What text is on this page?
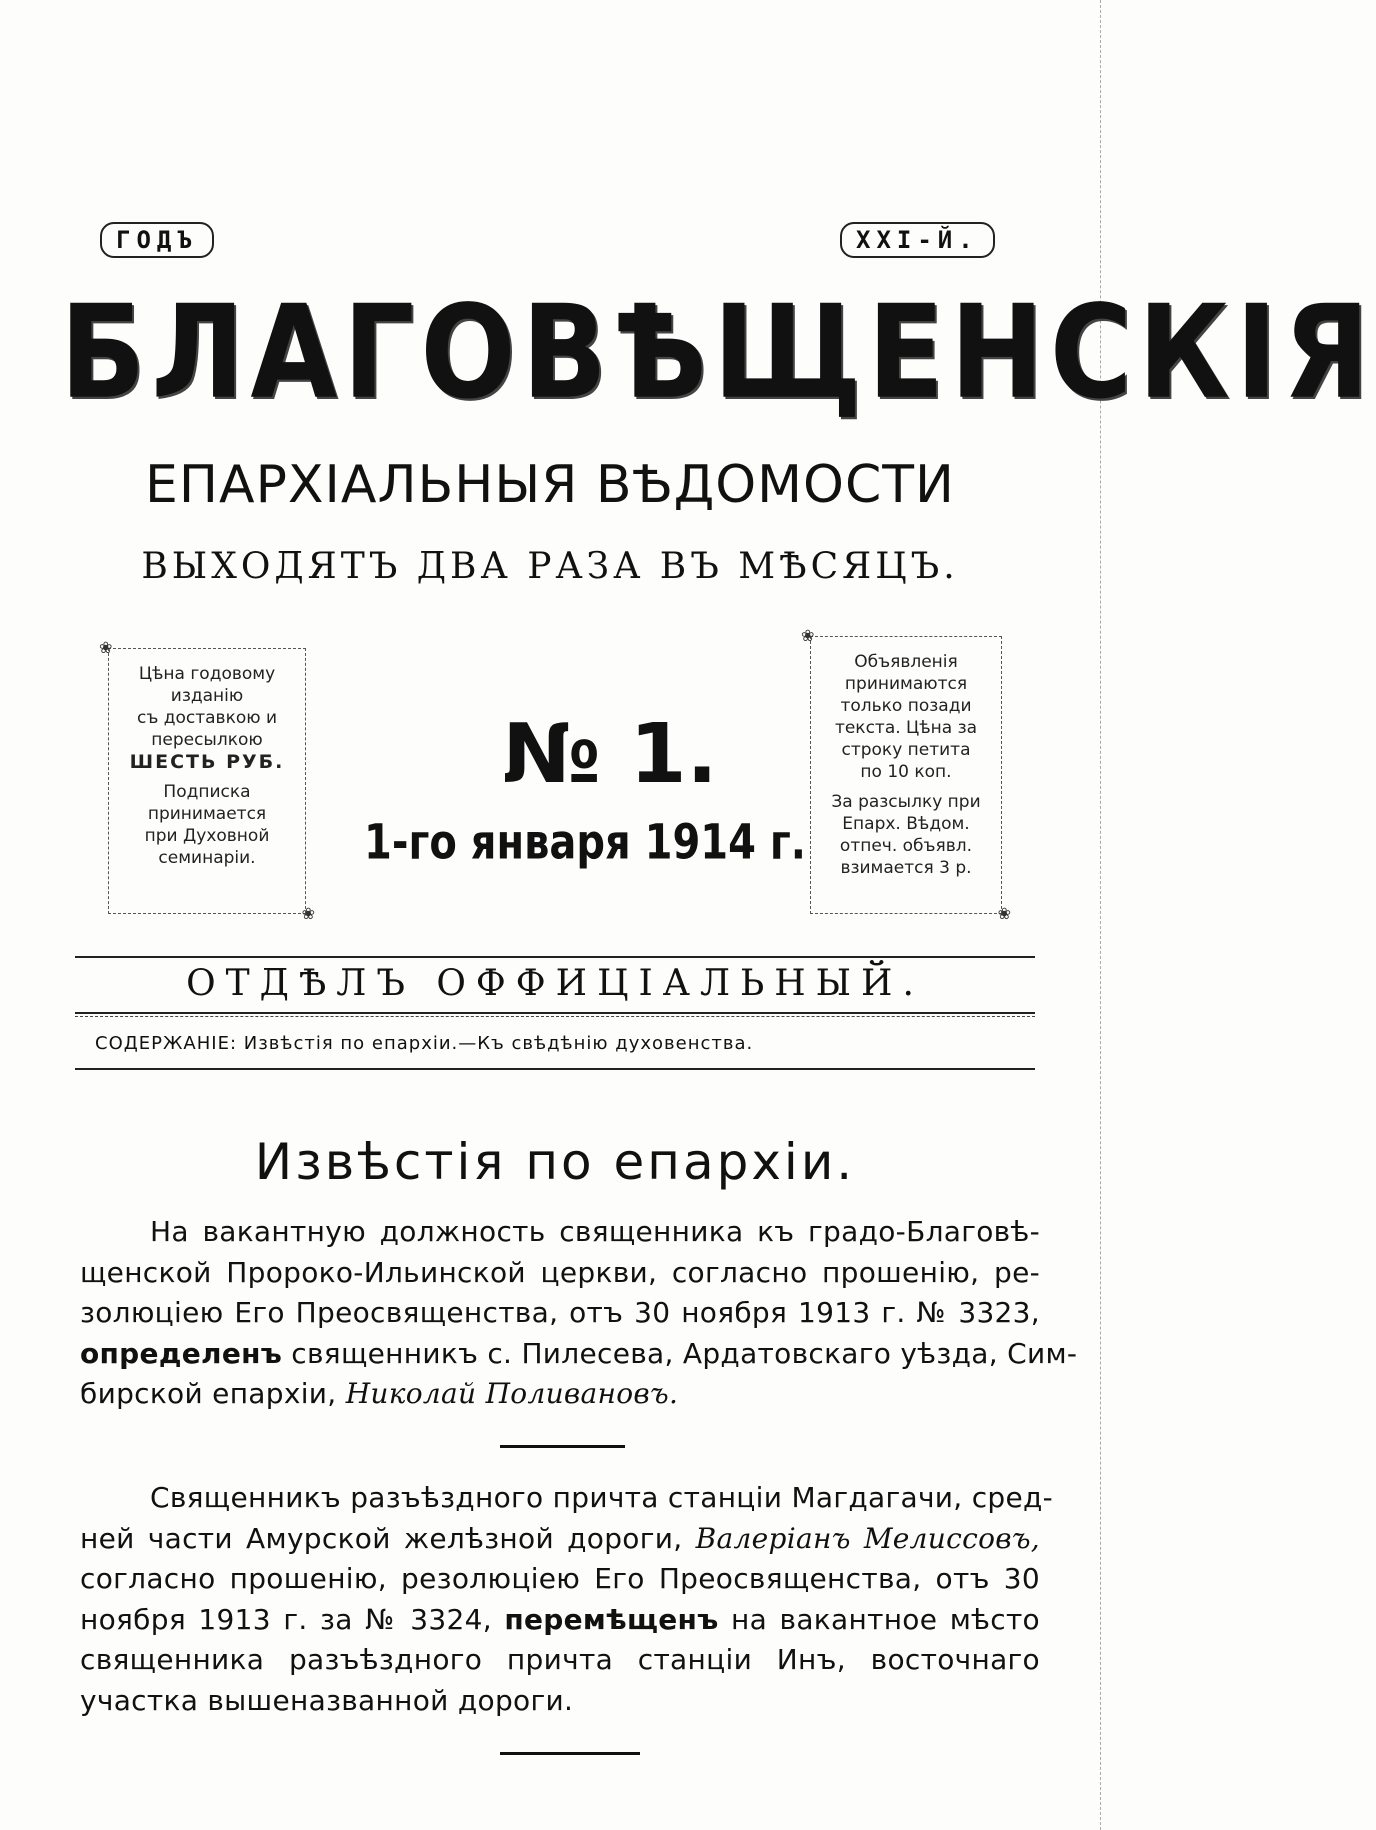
ГОДЪ	XXI-Й.
БЛАГОВѢЩЕНСКІЯ
ЕПАРХІАЛЬНЫЯ ВѢДОМОСТИ
ВЫХОДЯТЪ ДВА РАЗА ВЪ МѢСЯЦЪ.
❀ Цѣна годовому
изданію
съ доставкою и
пересылкою
ШЕСТЬ РУБ.
Подписка
принимается
при Духовной
семинаріи.
❀
№ 1.
1-го января 1914 г.
❀ Объявленія
принимаются
только позади
текста. Цѣна за
строку петита
по 10 коп.
За разсылку при
Епарх. Вѣдом.
отпеч. объявл.
взимается 3 р.
❀
ОТДѢЛЪ ОФФИЦІАЛЬНЫЙ.
СОДЕРЖАНІЕ: Извѣстія по епархіи.—Къ свѣдѣнію духовенства.
Извѣстія по епархіи.
На вакантную должность священника къ градо-Благовѣ-
щенской Пророко-Ильинской церкви, согласно прошенію, ре-
золюціею Его Преосвященства, отъ 30 ноября 1913 г. № 3323,
определенъ священникъ с. Пилесева, Ардатовскаго уѣзда, Сим-
бирской епархіи, Николай Поливановъ.
Священникъ разъѣздного причта станціи Магдагачи, сред-
ней части Амурской желѣзной дороги, Валеріанъ Мелиссовъ,
согласно прошенію, резолюціею Его Преосвященства, отъ 30
ноября 1913 г. за № 3324, перемѣщенъ на вакантное мѣсто
священника разъѣздного причта станціи Инъ, восточнаго
участка вышеназванной дороги.
